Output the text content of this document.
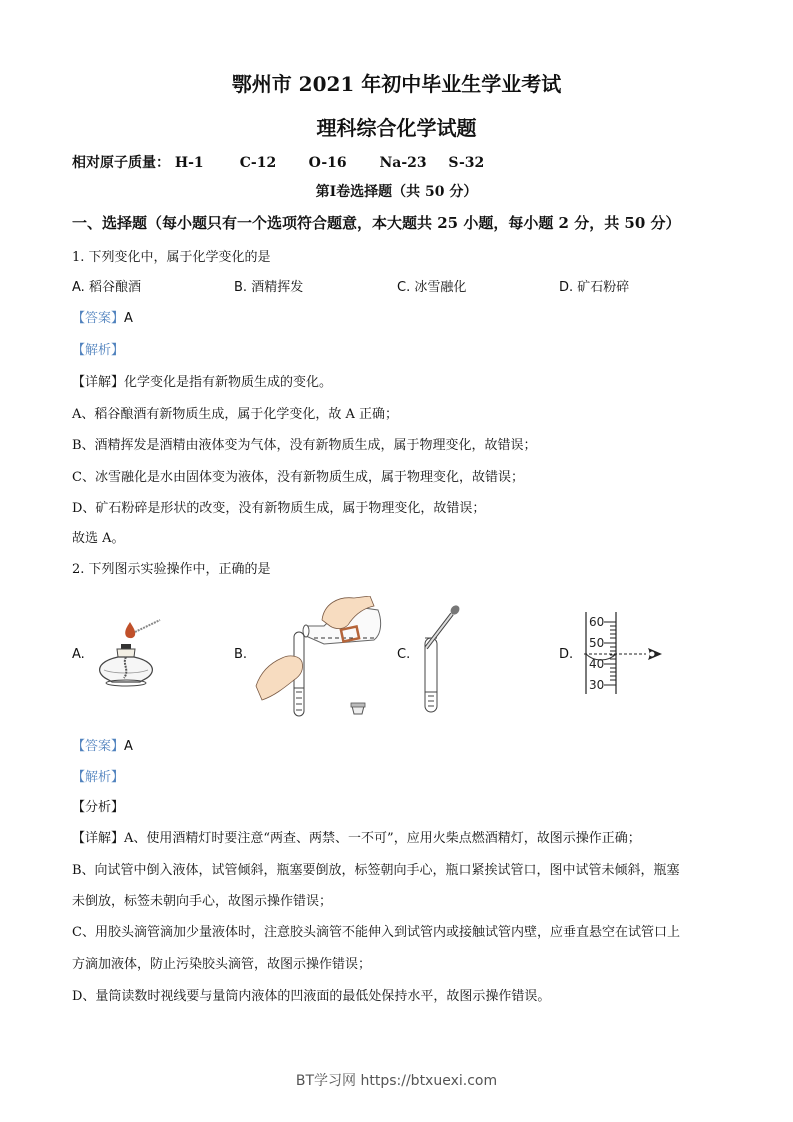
鄂州市 2021 年初中毕业生学业考试
理科综合化学试题
相对原子质量： H-1	C-12 O-16 Na-23 S-32
第Ⅰ卷选择题（共 50 分）
一、选择题（每小题只有一个选项符合题意，本大题共 25 小题，每小题 2 分，共 50 分）
1. 下列变化中，属于化学变化的是
A. 稻谷酿酒	B. 酒精挥发	C. 冰雪融化	D. 矿石粉碎
【答案】A
【解析】
【详解】化学变化是指有新物质生成的变化。
A、稻谷酿酒有新物质生成，属于化学变化，故 A 正确；
B、酒精挥发是酒精由液体变为气体，没有新物质生成，属于物理变化，故错误；
C、冰雪融化是水由固体变为液体，没有新物质生成，属于物理变化，故错误；
D、矿石粉碎是形状的改变，没有新物质生成，属于物理变化，故错误；
故选 A。
2. 下列图示实验操作中，正确的是
A.	B.	C.	D.
60
50
40
30
【答案】A
【解析】
【分析】
【详解】A、使用酒精灯时要注意“两查、两禁、一不可”，应用火柴点燃酒精灯，故图示操作正确；
B、向试管中倒入液体，试管倾斜，瓶塞要倒放，标签朝向手心，瓶口紧挨试管口，图中试管未倾斜，瓶塞
未倒放，标签未朝向手心，故图示操作错误；
C、用胶头滴管滴加少量液体时，注意胶头滴管不能伸入到试管内或接触试管内壁，应垂直悬空在试管口上
方滴加液体，防止污染胶头滴管，故图示操作错误；
D、量筒读数时视线要与量筒内液体的凹液面的最低处保持水平，故图示操作错误。
BT学习网 https://btxuexi.com
